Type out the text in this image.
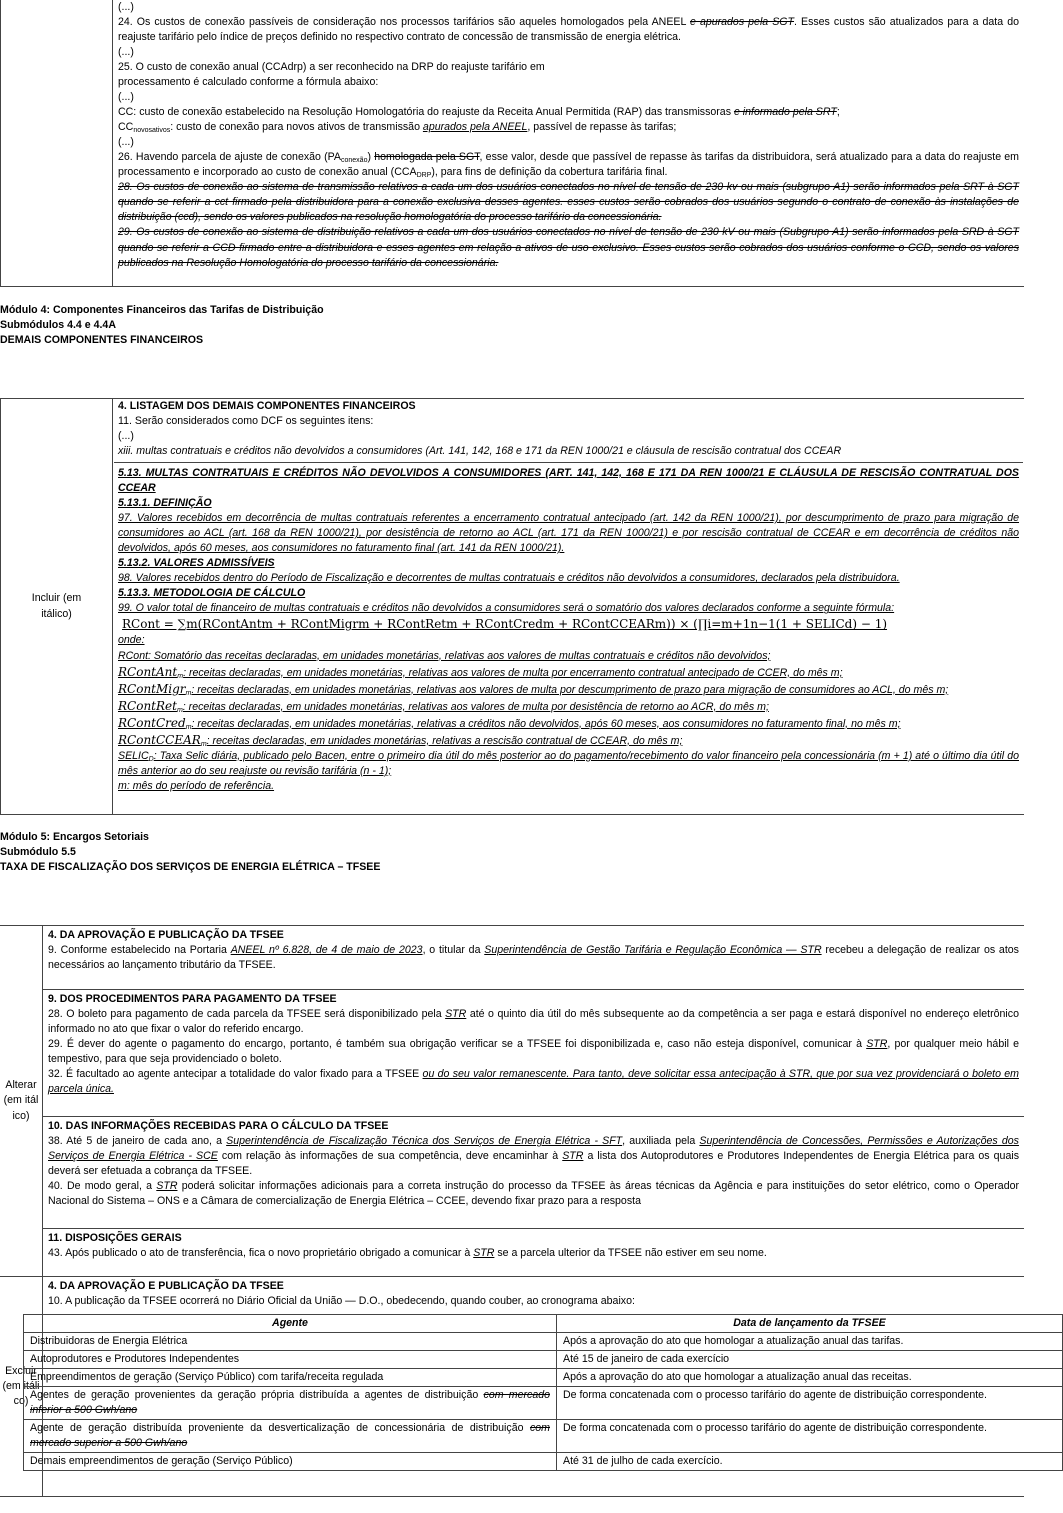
(...)

24. Os custos de conexão passíveis de consideração nos processos tarifários são aqueles homologados pela ANEEL e apurados pela SGT. Esses custos são atualizados para a data do reajuste tarifário pelo índice de preços definido no respectivo contrato de concessão de transmissão de energia elétrica.

(...)

25. O custo de conexão anual (CCAdrp) a ser reconhecido na DRP do reajuste tarifário em

processamento é calculado conforme a fórmula abaixo:

(...)

CC: custo de conexão estabelecido na Resolução Homologatória do reajuste da Receita Anual Permitida (RAP) das transmissoras e informado pela SRT;

$CC_{novosativos}$: custo de conexão para novos ativos de transmissão apurados pela ANEEL, passível de repasse às tarifas;

(...)

26. Havendo parcela de ajuste de conexão $(PA_{conexão})$ homologada pela SGT, esse valor, desde que passível de repasse às tarifas da distribuidora, será atualizado para a data do reajuste em processamento e incorporado ao custo de conexão anual $(CCA_{DRP})$, para fins de definição da cobertura tarifária final.

28. Os custos de conexão ao sistema de transmissão relativos a cada um dos usuários conectados no nível de tensão de 230 kv ou mais (subgrupo A1) serão informados pela SRT à SGT quando se referir a cct firmado pela distribuidora para a conexão exclusiva desses agentes. esses custos serão cobrados dos usuários segundo o contrato de conexão às instalações de distribuição (ccd), sendo os valores publicados na resolução homologatória do processo tarifário da concessionária.

29. Os custos de conexão ao sistema de distribuição relativos a cada um dos usuários conectados no nível de tensão de 230 kV ou mais (Subgrupo A1) serão informados pela SRD à SGT quando se referir a CCD firmado entre a distribuidora e esses agentes em relação a ativos de uso exclusivo. Esses custos serão cobrados dos usuários conforme o CCD, sendo os valores publicados na Resolução Homologatória do processo tarifário da concessionária.

Módulo 4: Componentes Financeiros das Tarifas de Distribuição
Submódulos 4.4 e 4.4A
DEMAIS COMPONENTES FINANCEIROS
Incluir (em itálico)

4. LISTAGEM DOS DEMAIS COMPONENTES FINANCEIROS

11. Serão considerados como DCF os seguintes itens:

(...)

xiii. multas contratuais e créditos não devolvidos a consumidores (Art. 141, 142, 168 e 171 da REN 1000/21 e cláusula de rescisão contratual dos CCEAR

5.13. MULTAS CONTRATUAIS E CRÉDITOS NÃO DEVOLVIDOS A CONSUMIDORES (ART. 141, 142, 168 E 171 DA REN 1000/21 E CLÁUSULA DE RESCISÃO CONTRATUAL DOS CCEAR

5.13.1. DEFINIÇÃO

97. Valores recebidos em decorrência de multas contratuais referentes a encerramento contratual antecipado (art. 142 da REN 1000/21), por descumprimento de prazo para migração de consumidores ao ACL (art. 168 da REN 1000/21), por desistência de retorno ao ACL (art. 171 da REN 1000/21) e por rescisão contratual de CCEAR e em decorrência de créditos não devolvidos, após 60 meses, aos consumidores no faturamento final (art. 141 da REN 1000/21).

5.13.2. VALORES ADMISSÍVEIS

98. Valores recebidos dentro do Período de Fiscalização e decorrentes de multas contratuais e créditos não devolvidos a consumidores, declarados pela distribuidora.

5.13.3. METODOLOGIA DE CÁLCULO

99. O valor total de financeiro de multas contratuais e créditos não devolvidos a consumidores será o somatório dos valores declarados conforme a seguinte fórmula:

RCont = ∑m(RContAntm + RContMigrm + RContRetm + RContCredm + RContCCEARm)) × (∏i=m+1n−1(1 + SELICd) − 1)

onde:

RCont: Somatório das receitas declaradas, em unidades monetárias, relativas aos valores de multas contratuais e créditos não devolvidos;

RContAnt$_m$: receitas declaradas, em unidades monetárias, relativas aos valores de multa por encerramento contratual antecipado de CCER, do mês m;

RContMigr$_m$: receitas declaradas, em unidades monetárias, relativas aos valores de multa por descumprimento de prazo para migração de consumidores ao ACL, do mês m;

RContRet$_m$: receitas declaradas, em unidades monetárias, relativas aos valores de multa por desistência de retorno ao ACR, do mês m;

RContCred$_m$: receitas declaradas, em unidades monetárias, relativas a créditos não devolvidos, após 60 meses, aos consumidores no faturamento final, no mês m;

RContCCEAR$_m$: receitas declaradas, em unidades monetárias, relativas a rescisão contratual de CCEAR, do mês m;

$SELIC_D$: Taxa Selic diária, publicado pelo Bacen, entre o primeiro dia útil do mês posterior ao do pagamento/recebimento do valor financeiro pela concessionária (m + 1) até o último dia útil do mês anterior ao do seu reajuste ou revisão tarifária (n - 1);

m: mês do período de referência.

Módulo 5: Encargos Setoriais
Submódulo 5.5
TAXA DE FISCALIZAÇÃO DOS SERVIÇOS DE ENERGIA ELÉTRICA – TFSEE
Alterar (em itálico)

4. DA APROVAÇÃO E PUBLICAÇÃO DA TFSEE

9. Conforme estabelecido na Portaria ANEEL nº 6.828, de 4 de maio de 2023, o titular da Superintendência de Gestão Tarifária e Regulação Econômica — STR recebeu a delegação de realizar os atos necessários ao lançamento tributário da TFSEE.

9. DOS PROCEDIMENTOS PARA PAGAMENTO DA TFSEE

28. O boleto para pagamento de cada parcela da TFSEE será disponibilizado pela STR até o quinto dia útil do mês subsequente ao da competência a ser paga e estará disponível no endereço eletrônico informado no ato que fixar o valor do referido encargo.

29. É dever do agente o pagamento do encargo, portanto, é também sua obrigação verificar se a TFSEE foi disponibilizada e, caso não esteja disponível, comunicar à STR, por qualquer meio hábil e tempestivo, para que seja providenciado o boleto.

32. É facultado ao agente antecipar a totalidade do valor fixado para a TFSEE ou do seu valor remanescente. Para tanto, deve solicitar essa antecipação à STR, que por sua vez providenciará o boleto em parcela única.

10. DAS INFORMAÇÕES RECEBIDAS PARA O CÁLCULO DA TFSEE

38. Até 5 de janeiro de cada ano, a Superintendência de Fiscalização Técnica dos Serviços de Energia Elétrica - SFT, auxiliada pela Superintendência de Concessões, Permissões e Autorizações dos Serviços de Energia Elétrica - SCE com relação às informações de sua competência, deve encaminhar à STR a lista dos Autoprodutores e Produtores Independentes de Energia Elétrica para os quais deverá ser efetuada a cobrança da TFSEE.

40. De modo geral, a STR poderá solicitar informações adicionais para a correta instrução do processo da TFSEE às áreas técnicas da Agência e para instituições do setor elétrico, como o Operador Nacional do Sistema – ONS e a Câmara de comercialização de Energia Elétrica – CCEE, devendo fixar prazo para a resposta

11. DISPOSIÇÕES GERAIS

43. Após publicado o ato de transferência, fica o novo proprietário obrigado a comunicar à STR se a parcela ulterior da TFSEE não estiver em seu nome.

Excluir (em itálico)

4. DA APROVAÇÃO E PUBLICAÇÃO DA TFSEE

10. A publicação da TFSEE ocorrerá no Diário Oficial da União — D.O., obedecendo, quando couber, ao cronograma abaixo:

Agente	Data de lançamento da TFSEE
Distribuidoras de Energia Elétrica	Após a aprovação do ato que homologar a atualização anual das tarifas.
Autoprodutores e Produtores Independentes	Até 15 de janeiro de cada exercício
Empreendimentos de geração (Serviço Público) com tarifa/receita regulada	Após a aprovação do ato que homologar a atualização anual das receitas.
Agentes de geração provenientes da geração própria distribuída a agentes de distribuição com mercado inferior a 500 Gwh/ano	De forma concatenada com o processo tarifário do agente de distribuição correspondente.
Agente de geração distribuída proveniente da desverticalização de concessionária de distribuição com mercado superior a 500 Gwh/ano	De forma concatenada com o processo tarifário do agente de distribuição correspondente.
Demais empreendimentos de geração (Serviço Público)	Até 31 de julho de cada exercício.
